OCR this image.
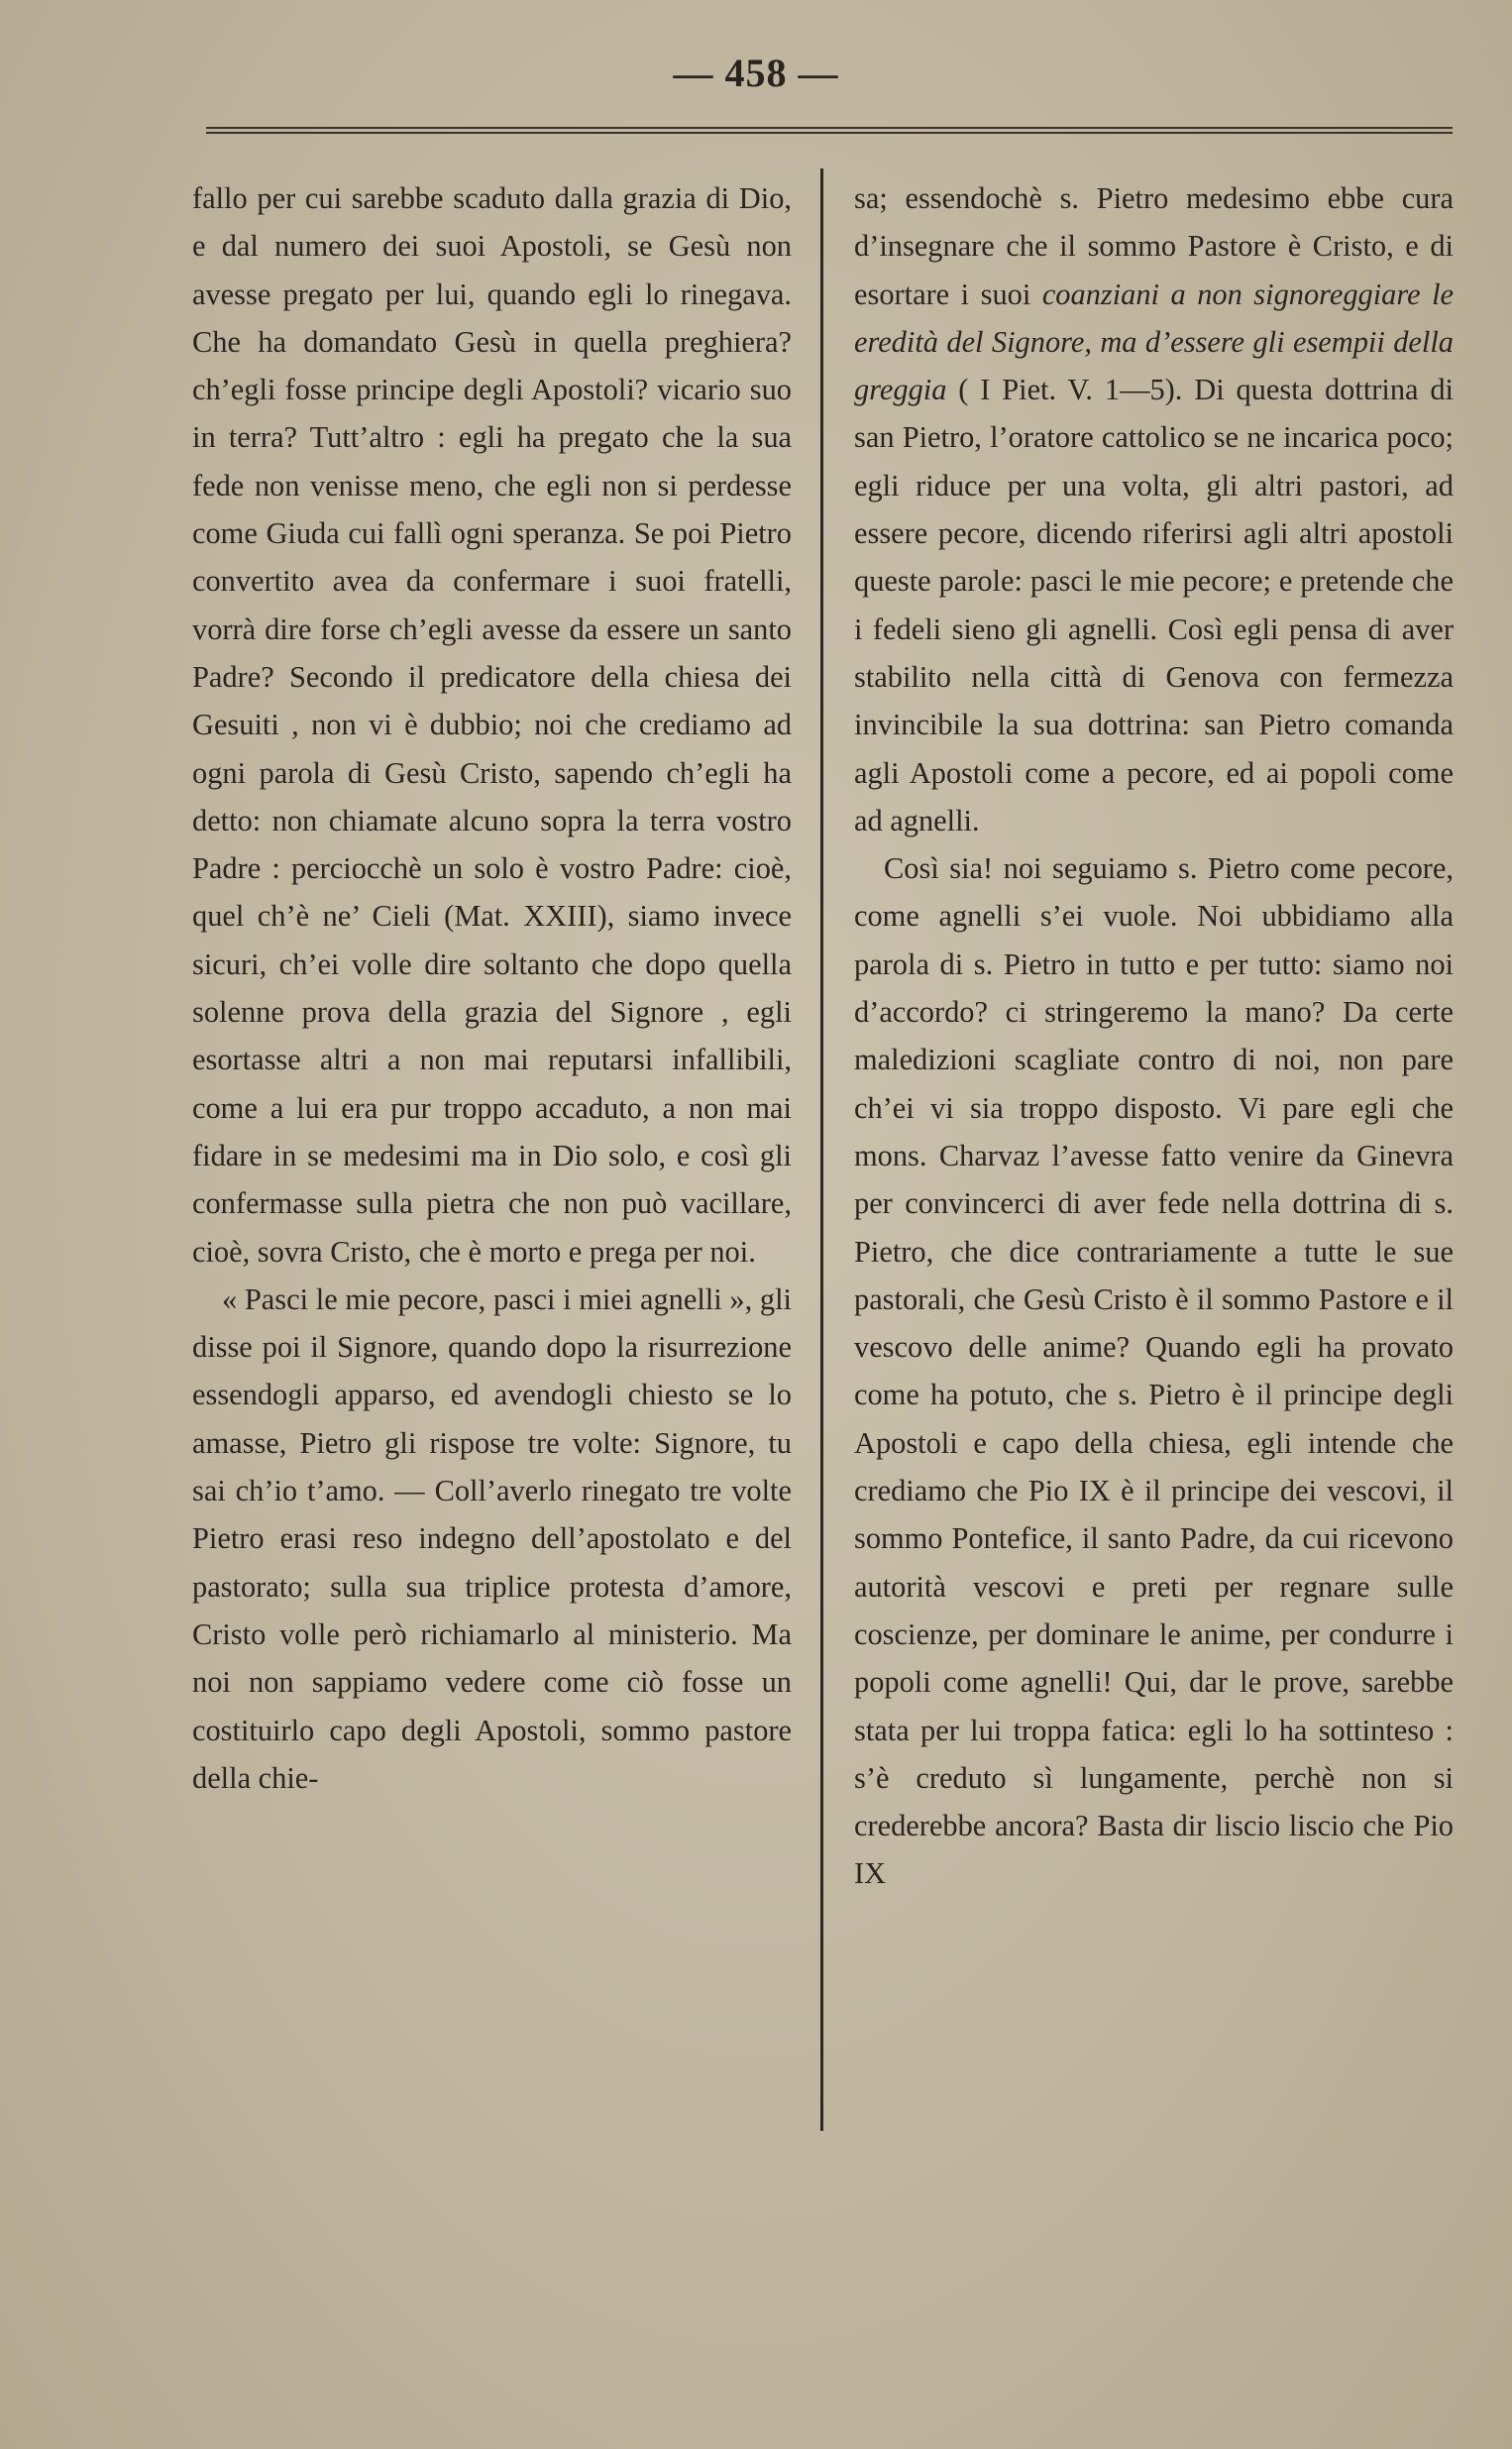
— 458 —

fallo per cui sarebbe scaduto dalla grazia di Dio, e dal numero dei suoi Apostoli, se Gesù non avesse pregato per lui, quando egli lo rinegava. Che ha domandato Gesù in quella preghiera? ch’egli fosse principe degli Apostoli? vicario suo in terra? Tutt’altro : egli ha pregato che la sua fede non venisse meno, che egli non si perdesse come Giuda cui fallì ogni speranza. Se poi Pietro convertito avea da confermare i suoi fratelli, vorrà dire forse ch’egli avesse da essere un santo Padre? Secondo il predicatore della chiesa dei Gesuiti , non vi è dubbio; noi che crediamo ad ogni parola di Gesù Cristo, sapendo ch’egli ha detto: non chiamate alcuno sopra la terra vostro Padre : perciocchè un solo è vostro Padre: cioè, quel ch’è ne’ Cieli (Mat. XXIII), siamo invece sicuri, ch’ei volle dire soltanto che dopo quella solenne prova della grazia del Signore , egli esortasse altri a non mai reputarsi infallibili, come a lui era pur troppo accaduto, a non mai fidare in se medesimi ma in Dio solo, e così gli confermasse sulla pietra che non può vacillare, cioè, sovra Cristo, che è morto e prega per noi.

« Pasci le mie pecore, pasci i miei agnelli », gli disse poi il Signore, quando dopo la risurrezione essendogli apparso, ed avendogli chiesto se lo amasse, Pietro gli rispose tre volte: Signore, tu sai ch’io t’amo. — Coll’averlo rinegato tre volte Pietro erasi reso indegno dell’apostolato e del pastorato; sulla sua triplice protesta d’amore, Cristo volle però richiamarlo al ministerio. Ma noi non sappiamo vedere come ciò fosse un costituirlo capo degli Apostoli, sommo pastore della chie-

sa; essendochè s. Pietro medesimo ebbe cura d’insegnare che il sommo Pastore è Cristo, e di esortare i suoi coanziani a non signoreggiare le eredità del Signore, ma d’essere gli esempii della greggia ( I Piet. V. 1—5). Di questa dottrina di san Pietro, l’oratore cattolico se ne incarica poco; egli riduce per una volta, gli altri pastori, ad essere pecore, dicendo riferirsi agli altri apostoli queste parole: pasci le mie pecore; e pretende che i fedeli sieno gli agnelli. Così egli pensa di aver stabilito nella città di Genova con fermezza invincibile la sua dottrina: san Pietro comanda agli Apostoli come a pecore, ed ai popoli come ad agnelli.

Così sia! noi seguiamo s. Pietro come pecore, come agnelli s’ei vuole. Noi ubbidiamo alla parola di s. Pietro in tutto e per tutto: siamo noi d’accordo? ci stringeremo la mano? Da certe maledizioni scagliate contro di noi, non pare ch’ei vi sia troppo disposto. Vi pare egli che mons. Charvaz l’avesse fatto venire da Ginevra per convincerci di aver fede nella dottrina di s. Pietro, che dice contrariamente a tutte le sue pastorali, che Gesù Cristo è il sommo Pastore e il vescovo delle anime? Quando egli ha provato come ha potuto, che s. Pietro è il principe degli Apostoli e capo della chiesa, egli intende che crediamo che Pio IX è il principe dei vescovi, il sommo Pontefice, il santo Padre, da cui ricevono autorità vescovi e preti per regnare sulle coscienze, per dominare le anime, per condurre i popoli come agnelli! Qui, dar le prove, sarebbe stata per lui troppa fatica: egli lo ha sottinteso : s’è creduto sì lungamente, perchè non si crederebbe ancora? Basta dir liscio liscio che Pio IX
